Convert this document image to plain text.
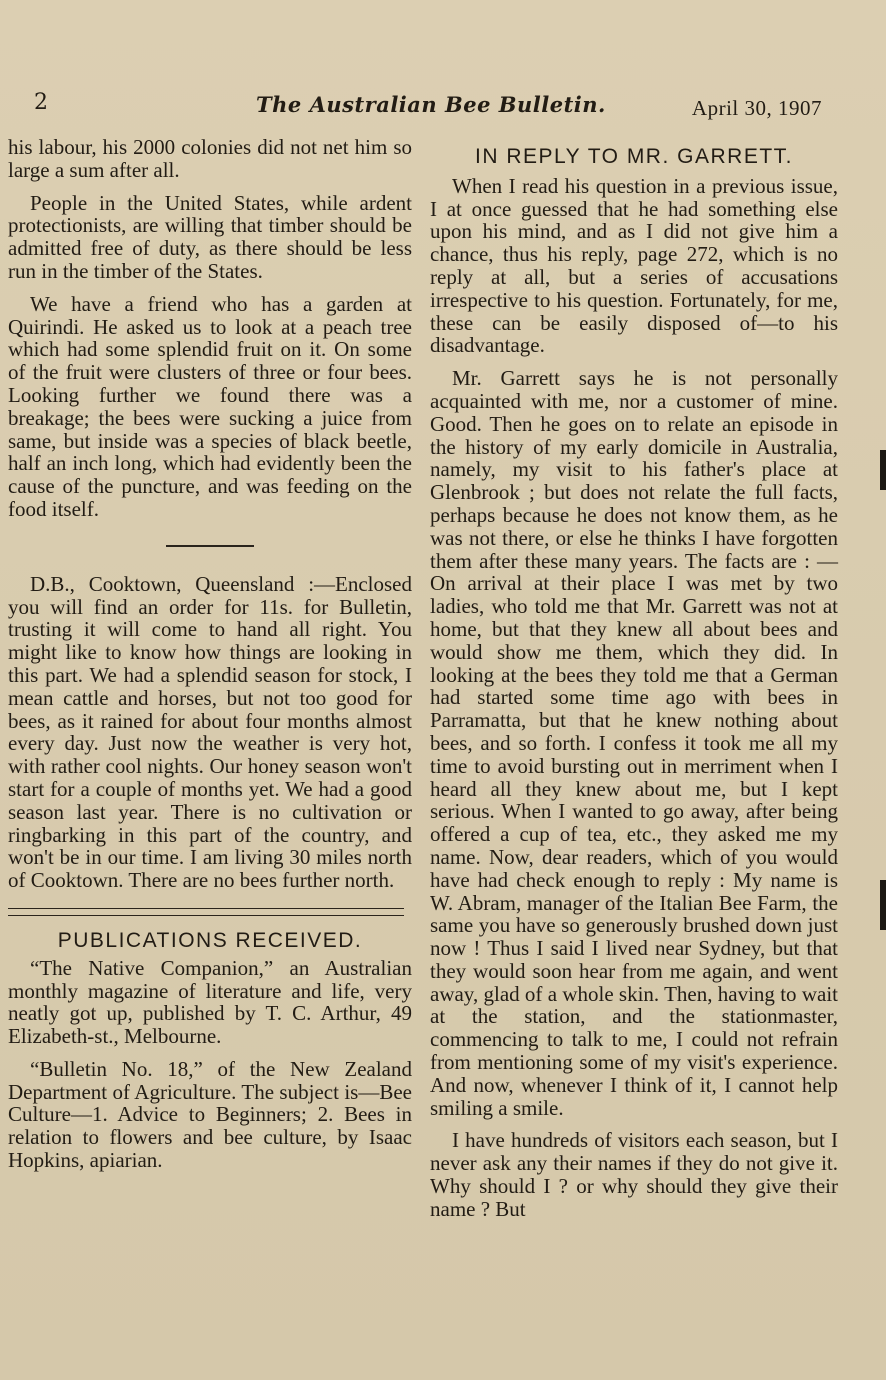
2	The Australian Bee Bulletin.	April 30, 1907

his labour, his 2000 colonies did not net him so large a sum after all.

People in the United States, while ardent protectionists, are willing that timber should be admitted free of duty, as there should be less run in the timber of the States.

We have a friend who has a garden at Quirindi. He asked us to look at a peach tree which had some splendid fruit on it. On some of the fruit were clusters of three or four bees. Looking further we found there was a breakage; the bees were sucking a juice from same, but inside was a species of black beetle, half an inch long, which had evidently been the cause of the puncture, and was feeding on the food itself.

D.B., Cooktown, Queensland :—Enclosed you will find an order for 11s. for Bulletin, trusting it will come to hand all right. You might like to know how things are looking in this part. We had a splendid season for stock, I mean cattle and horses, but not too good for bees, as it rained for about four months almost every day. Just now the weather is very hot, with rather cool nights. Our honey season won't start for a couple of months yet. We had a good season last year. There is no cultivation or ringbarking in this part of the country, and won't be in our time. I am living 30 miles north of Cooktown. There are no bees further north.

PUBLICATIONS RECEIVED.

“The Native Companion,” an Australian monthly magazine of literature and life, very neatly got up, published by T. C. Arthur, 49 Elizabeth-st., Melbourne.

“Bulletin No. 18,” of the New Zealand Department of Agriculture. The subject is—Bee Culture—1. Advice to Beginners; 2. Bees in relation to flowers and bee culture, by Isaac Hopkins, apiarian.

IN REPLY TO MR. GARRETT.

When I read his question in a previous issue, I at once guessed that he had something else upon his mind, and as I did not give him a chance, thus his reply, page 272, which is no reply at all, but a series of accusations irrespective to his question. Fortunately, for me, these can be easily disposed of—to his disadvantage.

Mr. Garrett says he is not personally acquainted with me, nor a customer of mine. Good. Then he goes on to relate an episode in the history of my early domicile in Australia, namely, my visit to his father's place at Glenbrook ; but does not relate the full facts, perhaps because he does not know them, as he was not there, or else he thinks I have forgotten them after these many years. The facts are : —On arrival at their place I was met by two ladies, who told me that Mr. Garrett was not at home, but that they knew all about bees and would show me them, which they did. In looking at the bees they told me that a German had started some time ago with bees in Parramatta, but that he knew nothing about bees, and so forth. I confess it took me all my time to avoid bursting out in merriment when I heard all they knew about me, but I kept serious. When I wanted to go away, after being offered a cup of tea, etc., they asked me my name. Now, dear readers, which of you would have had check enough to reply : My name is W. Abram, manager of the Italian Bee Farm, the same you have so generously brushed down just now ! Thus I said I lived near Sydney, but that they would soon hear from me again, and went away, glad of a whole skin. Then, having to wait at the station, and the stationmaster, commencing to talk to me, I could not refrain from mentioning some of my visit's experience. And now, whenever I think of it, I cannot help smiling a smile.

I have hundreds of visitors each season, but I never ask any their names if they do not give it. Why should I ? or why should they give their name ? But
